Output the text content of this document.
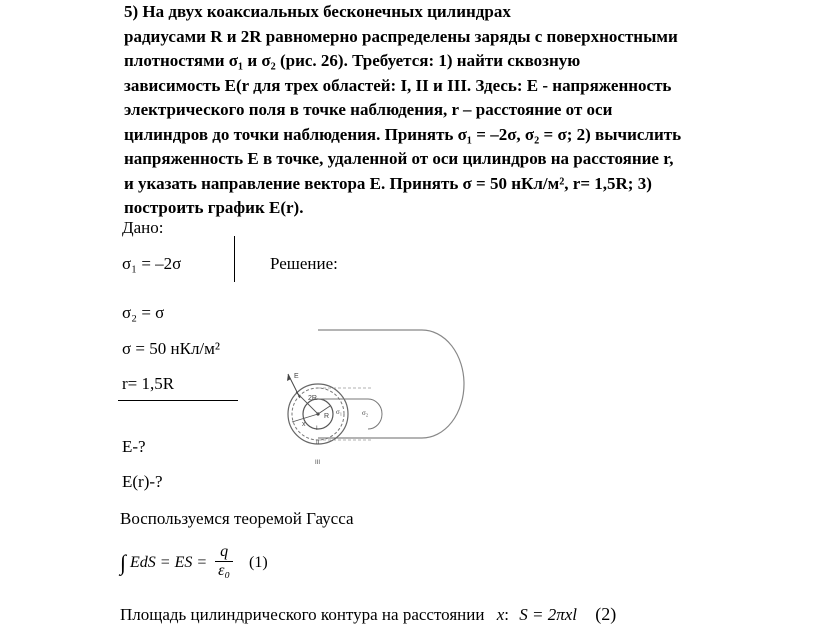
5) На двух коаксиальных бесконечных цилиндрах

радиусами R и 2R равномерно распределены заряды с поверхностными

плотностями σ₁ и σ₂ (рис. 26). Требуется: 1) найти сквозную

зависимость E(r для трех областей: I, II и III. Здесь: E - напряженность

электрического поля в точке наблюдения, r – расстояние от оси

цилиндров до точки наблюдения. Принять σ₁ = –2σ, σ₂ = σ; 2) вычислить

напряженность E в точке, удаленной от оси цилиндров на расстояние r,

и указать направление вектора E. Принять σ = 50 нКл/м², r= 1,5R; 3)

построить график E(r).

Дано:
σ₁ = –2σ	Решение:
σ₂ = σ
σ = 50 нКл/м²
r= 1,5R
E-?
E(r)-?
Воспользуемся теоремой Гаусса
E
2R
R
x
σ₁	σ₂
I
II
III
∫ EdS = ES = $\frac{q}{\text{ε₀}} (1)$
Площадь цилиндрического контура на расстоянии x: S = 2πxl (2)
